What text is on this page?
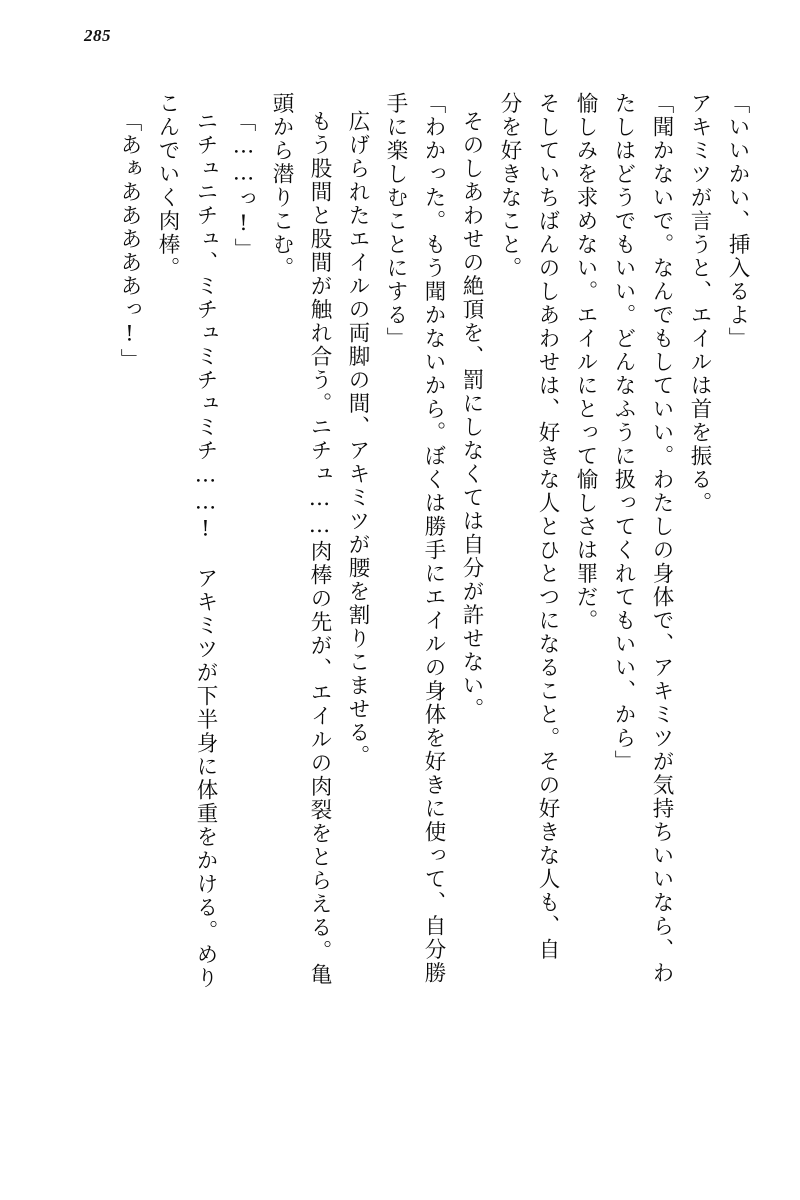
285
「いいかい、挿入るよ」
アキミツが言うと、エイルは首を振る。
「聞かないで。なんでもしていい。わたしの身体で、アキミツが気持ちいいなら、わ
たしはどうでもいい。どんなふうに扱ってくれてもいい、から」
愉しみを求めない。エイルにとって愉しさは罪だ。
そしていちばんのしあわせは、好きな人とひとつになること。その好きな人も、自
分を好きなこと。
そのしあわせの絶頂を、罰にしなくては自分が許せない。
「わかった。もう聞かないから。ぼくは勝手にエイルの身体を好きに使って、自分勝
手に楽しむことにする」
広げられたエイルの両脚の間、アキミツが腰を割りこませる。
もう股間と股間が触れ合う。ニチュ……肉棒の先が、エイルの肉裂をとらえる。亀
頭から潜りこむ。
「……っ!」
ニチュニチュ、ミチュミチュミチ……!　アキミツが下半身に体重をかける。めり
こんでいく肉棒。
「あぁあああああっ!」
